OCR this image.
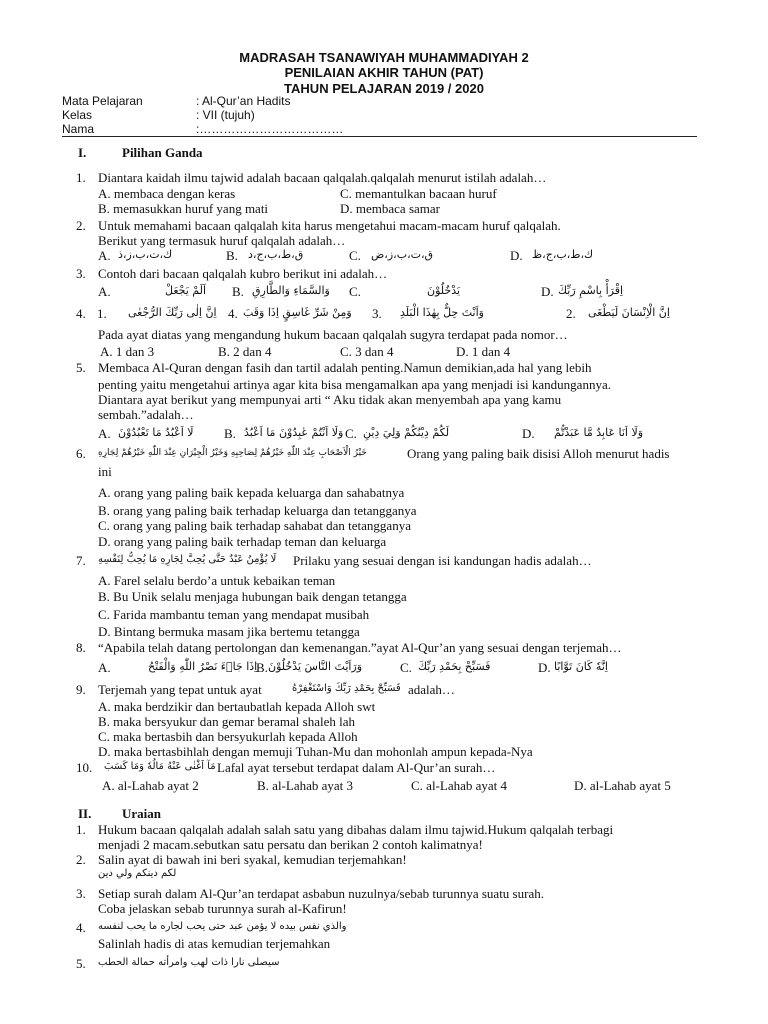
MADRASAH TSANAWIYAH MUHAMMADIYAH 2
PENILAIAN AKHIR TAHUN (PAT)
TAHUN PELAJARAN 2019 / 2020
Mata Pelajaran	: Al-Qur’an Hadits
Kelas	: VII (tujuh)
Nama	:………………………………
I.	Pilihan Ganda
1. Diantara kaidah ilmu tajwid adalah bacaan qalqalah.qalqalah menurut istilah adalah…
A. membaca dengan keras	C. memantulkan bacaan huruf
B. memasukkan huruf yang mati	D. membaca samar
2. Untuk memahami bacaan qalqalah kita harus mengetahui macam-macam huruf qalqalah.
Berikut yang termasuk huruf qalqalah adalah…
A. ك،ت،ب،ز،ذ	B. ق،ط،ب،ج،د	C. ق،ت،ب،ز،ض	D. ك،ط،ب،ج،ظ
3. Contoh dari bacaan qalqalah kubro berikut ini adalah…
A.	اَلَمْ يَجْعَلْ B. وَالسَّمَاءِ وَالطَّارِقِ C.	يَدْخُلُوْنَ	D. اِقْرَأْ بِاسْمِ رَبِّكَ
4. 1. اِنَّ اِلٰى رَبِّكَ الرُّجْعٰى 4. وَمِنْ شَرِّ غَاسِقٍ اِذَا وَقَبَ 3. وَاَنْتَ حِلٌّ بِهٰذَا الْبَلَدِ	2. اِنَّ الْاِنْسَانَ لَيَطْغَى
Pada ayat diatas yang mengandung hukum bacaan qalqalah sugyra terdapat pada nomor…
A. 1 dan 3	B. 2 dan 4	C. 3 dan 4	D. 1 dan 4
5. Membaca Al-Quran dengan fasih dan tartil adalah penting.Namun demikian,ada hal yang lebih
penting yaitu mengetahui artinya agar kita bisa mengamalkan apa yang menjadi isi kandungannya.
Diantara ayat berikut yang mempunyai arti “ Aku tidak akan menyembah apa yang kamu
sembah.”adalah…
A. لَا اَعْبُدُ مَا تَعْبُدُوْنَ B. وَلَا اَنْتُمْ عٰبِدُوْنَ مَا اَعْبُدُ C. لَكُمْ دِيْنُكُمْ وَلِيَ دِيْنِ	D. وَلَا اَنَا عَابِدٌ مَّا عَبَدْتُّمْ
6. خَيْرُ الْاَصْحَابِ عِنْدَ اللّٰهِ خَيْرُهُمْ لِصَاحِبِهِ وَخَيْرُ الْجِيْرَانِ عِنْدَ اللّٰهِ خَيْرُهُمْ لِجَارِهِ	Orang yang paling baik disisi Alloh menurut hadis
ini
A. orang yang paling baik kepada keluarga dan sahabatnya
B. orang yang paling baik terhadap keluarga dan tetangganya
C. orang yang paling baik terhadap sahabat dan tetangganya
D. orang yang paling baik terhadap teman dan keluarga
7. لَا يُؤْمِنُ عَبْدٌ حَتَّى يُحِبَّ لِجَارِهِ مَا يُحِبُّ لِنَفْسِهِ Prilaku yang sesuai dengan isi kandungan hadis adalah…
A. Farel selalu berdo’a untuk kebaikan teman
B. Bu Unik selalu menjaga hubungan baik dengan tetangga
C. Farida mambantu teman yang mendapat musibah
D. Bintang bermuka masam jika bertemu tetangga
8. “Apabila telah datang pertolongan dan kemenangan.”ayat Al-Qur’an yang sesuai dengan terjemah…
A.	اِذَا جَاۤءَ نَصْرُ اللّٰهِ وَالْفَتْحُ
B. وَرَاَيْتَ النَّاسَ يَدْخُلُوْنَ	C. فَسَبِّحْ بِحَمْدِ رَبِّكَ	D. اِنَّهٗ كَانَ تَوَّابًا
9. Terjemah yang tepat untuk ayat	فَسَبِّحْ بِحَمْدِ رَبِّكَ وَاسْتَغْفِرْهُ adalah…
A. maka berdzikir dan bertaubatlah kepada Alloh swt
B. maka bersyukur dan gemar beramal shaleh lah
C. maka bertasbih dan bersyukurlah kepada Alloh
D. maka bertasbihlah dengan memuji Tuhan-Mu dan mohonlah ampun kepada-Nya
10. مَآ اَغْنٰى عَنْهُ مَالُهٗ وَمَا كَسَبَ Lafal ayat tersebut terdapat dalam Al-Qur’an surah…
A. al-Lahab ayat 2	B. al-Lahab ayat 3	C. al-Lahab ayat 4	D. al-Lahab ayat 5
II. Uraian
1. Hukum bacaan qalqalah adalah salah satu yang dibahas dalam ilmu tajwid.Hukum qalqalah terbagi
menjadi 2 macam.sebutkan satu persatu dan berikan 2 contoh kalimatnya!
2. Salin ayat di bawah ini beri syakal, kemudian terjemahkan!
لكم دينكم ولي دين
3. Setiap surah dalam Al-Qur’an terdapat asbabun nuzulnya/sebab turunnya suatu surah.
Coba jelaskan sebab turunnya surah al-Kafirun!
4. والذي نفس بيده لا يؤمن عبد حتى يحب لجاره ما يحب لنفسه
Salinlah hadis di atas kemudian terjemahkan
5. سيصلى نارا ذات لهب وامرأته حمالة الحطب
